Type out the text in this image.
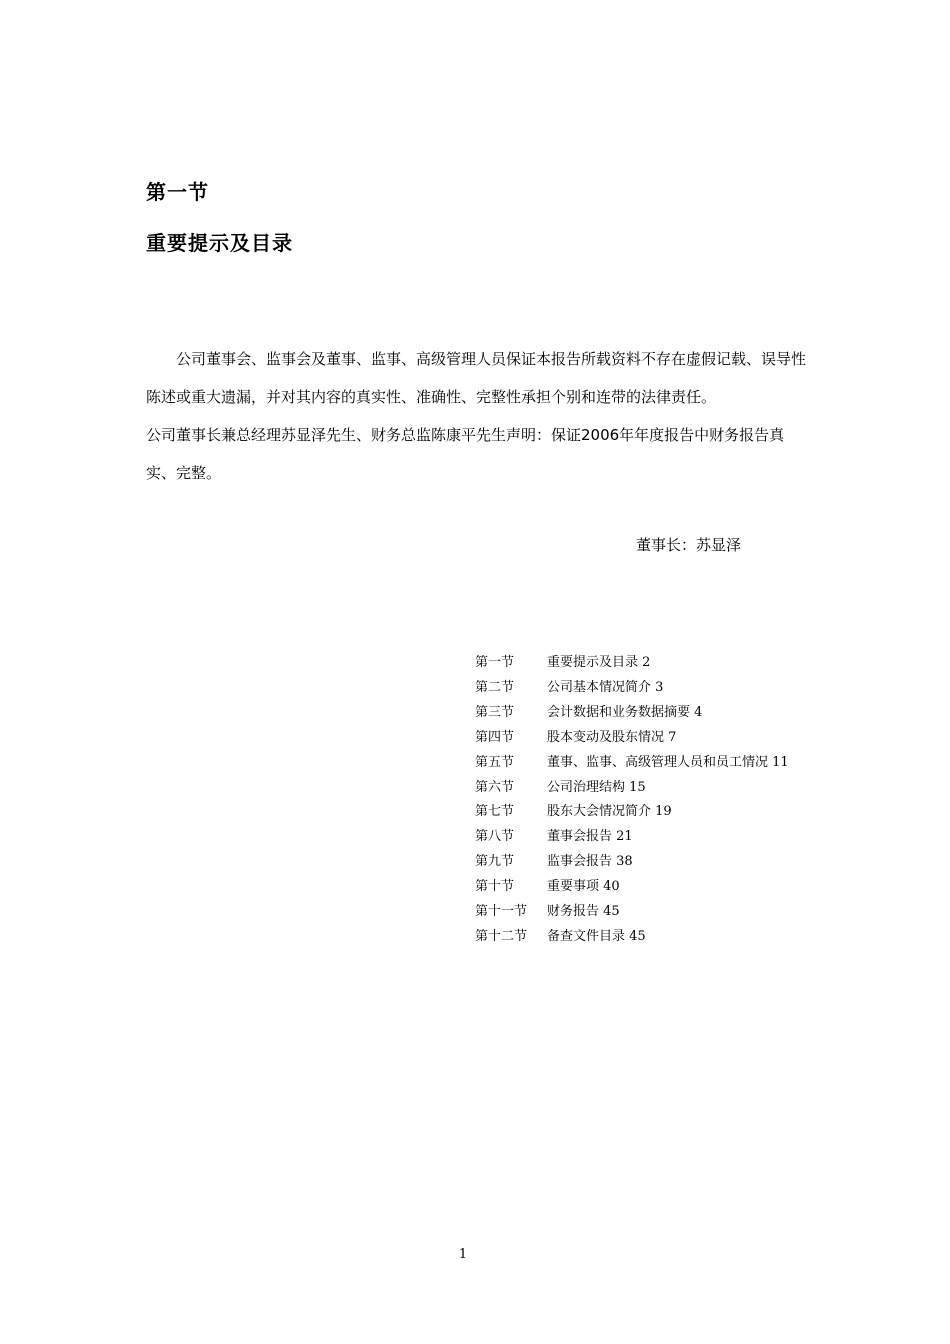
第一节
重要提示及目录

公司董事会、监事会及董事、监事、高级管理人员保证本报告所载资料不存在虚假记载、误导性陈述或重大遗漏，并对其内容的真实性、准确性、完整性承担个别和连带的法律责任。

公司董事长兼总经理苏显泽先生、财务总监陈康平先生声明：保证2006年年度报告中财务报告真实、完整。

董事长：苏显泽
第一节	重要提示及目录 2
第二节	公司基本情况简介 3
第三节	会计数据和业务数据摘要 4
第四节	股本变动及股东情况 7
第五节	董事、监事、高级管理人员和员工情况 11
第六节	公司治理结构 15
第七节	股东大会情况简介 19
第八节	董事会报告 21
第九节	监事会报告 38
第十节	重要事项 40
第十一节	财务报告 45
第十二节	备查文件目录 45
1
